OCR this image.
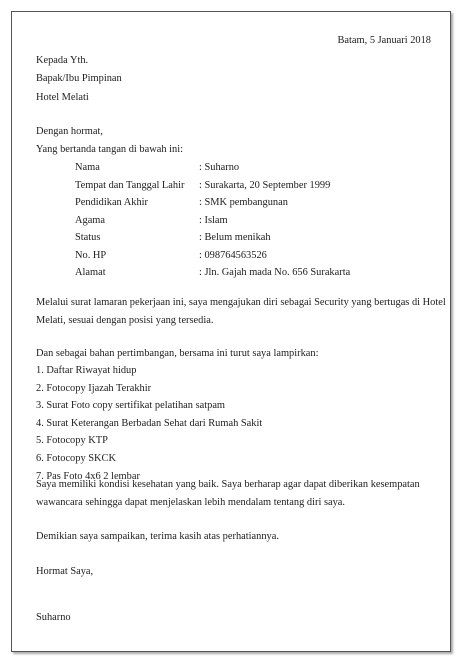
Batam, 5 Januari 2018
Kepada Yth.
Bapak/Ibu Pimpinan
Hotel Melati
Dengan hormat,
Yang bertanda tangan di bawah ini:
Nama	: Suharno
Tempat dan Tanggal Lahir	: Surakarta, 20 September 1999
Pendidikan Akhir	: SMK pembangunan
Agama	: Islam
Status	: Belum menikah
No. HP	: 098764563526
Alamat	: Jln. Gajah mada No. 656 Surakarta
Melalui surat lamaran pekerjaan ini, saya mengajukan diri sebagai Security yang bertugas di Hotel
Melati, sesuai dengan posisi yang tersedia.
Dan sebagai bahan pertimbangan, bersama ini turut saya lampirkan:
1. Daftar Riwayat hidup
2. Fotocopy Ijazah Terakhir
3. Surat Foto copy sertifikat pelatihan satpam
4. Surat Keterangan Berbadan Sehat dari Rumah Sakit
5. Fotocopy KTP
6. Fotocopy SKCK
7. Pas Foto 4x6 2 lembar
Saya memiliki kondisi kesehatan yang baik. Saya berharap agar dapat diberikan kesempatan
wawancara sehingga dapat menjelaskan lebih mendalam tentang diri saya.
Demikian saya sampaikan, terima kasih atas perhatiannya.
Hormat Saya,
Suharno
